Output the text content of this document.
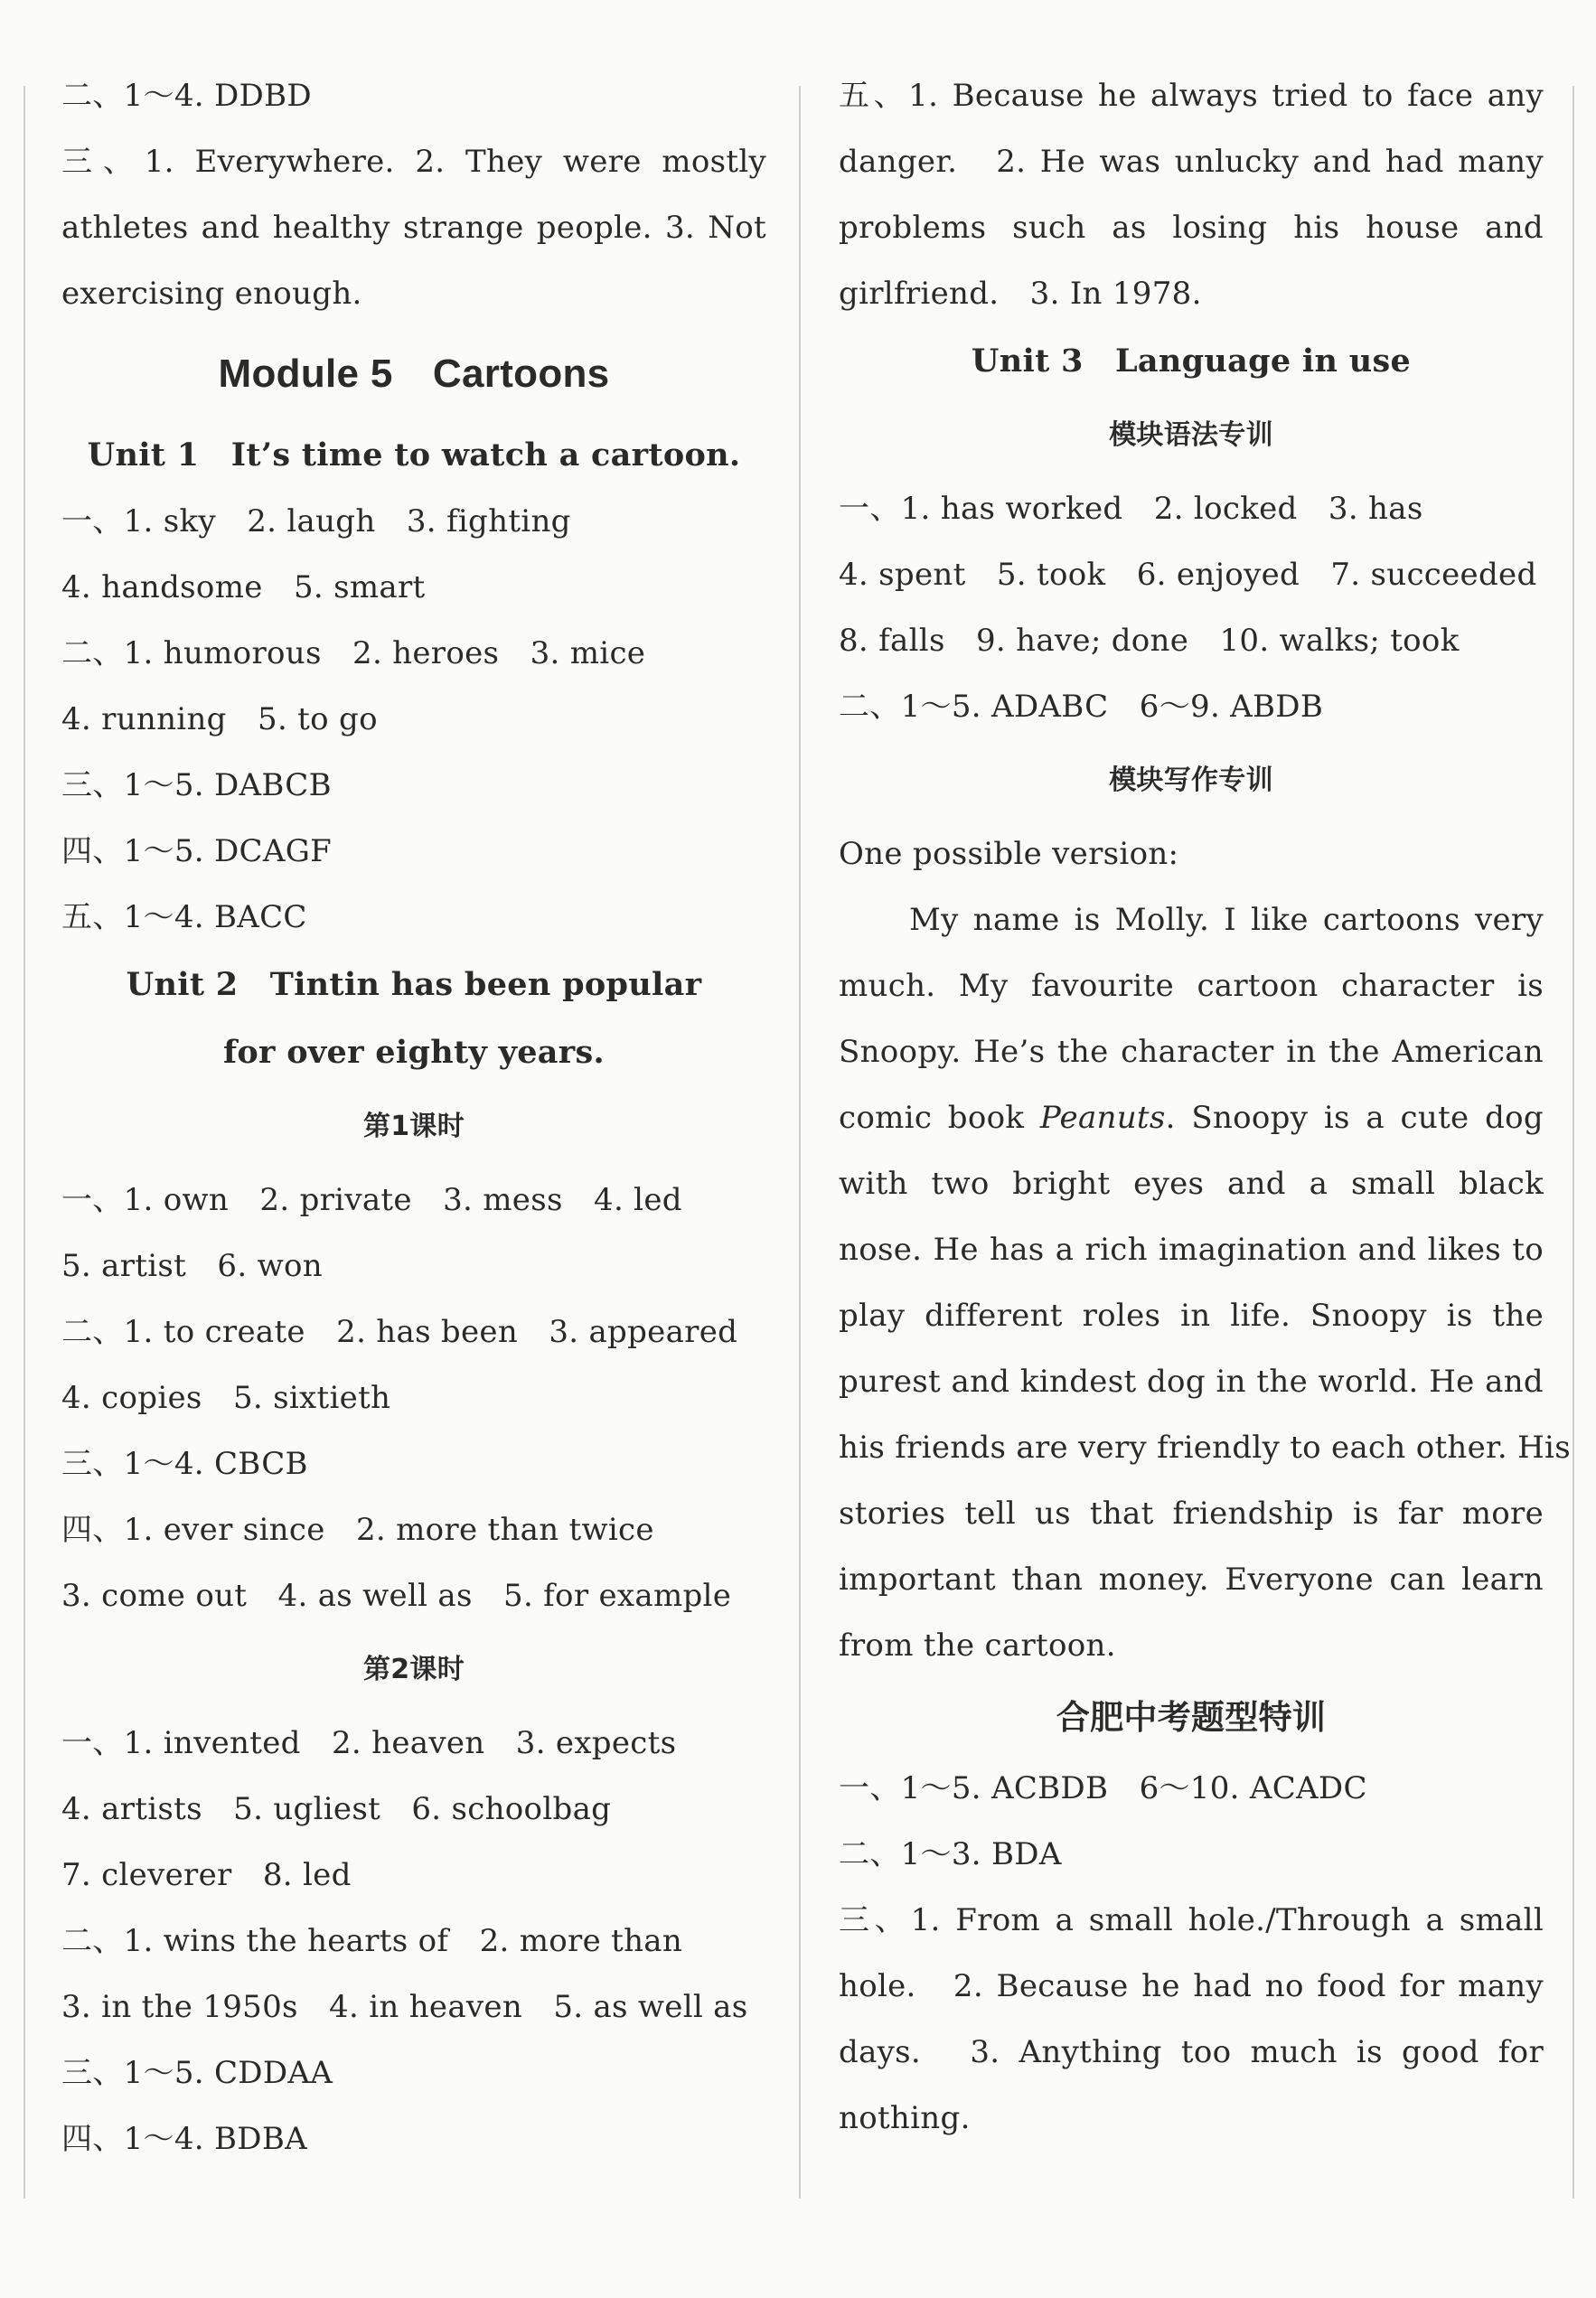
二、1～4. DDBD
三、1. Everywhere. 2. They were mostly
athletes and healthy strange people. 3. Not
exercising enough.
Module 5　Cartoons
Unit 1　It’s time to watch a cartoon.
一、1. sky　2. laugh　3. fighting
4. handsome　5. smart
二、1. humorous　2. heroes　3. mice
4. running　5. to go
三、1～5. DABCB
四、1～5. DCAGF
五、1～4. BACC
Unit 2　Tintin has been popular
for over eighty years.
第1课时
一、1. own　2. private　3. mess　4. led
5. artist　6. won
二、1. to create　2. has been　3. appeared
4. copies　5. sixtieth
三、1～4. CBCB
四、1. ever since　2. more than twice
3. come out　4. as well as　5. for example
第2课时
一、1. invented　2. heaven　3. expects
4. artists　5. ugliest　6. schoolbag
7. cleverer　8. led
二、1. wins the hearts of　2. more than
3. in the 1950s　4. in heaven　5. as well as
三、1～5. CDDAA
四、1～4. BDBA
五、1. Because he always tried to face any
danger.　2. He was unlucky and had many
problems such as losing his house and
girlfriend.　3. In 1978.
Unit 3　Language in use
模块语法专训
一、1. has worked　2. locked　3. has
4. spent　5. took　6. enjoyed　7. succeeded
8. falls　9. have; done　10. walks; took
二、1～5. ADABC　6～9. ABDB
模块写作专训
One possible version:
My name is Molly. I like cartoons very
much. My favourite cartoon character is
Snoopy. He’s the character in the American
comic book Peanuts. Snoopy is a cute dog
with two bright eyes and a small black
nose. He has a rich imagination and likes to
play different roles in life. Snoopy is the
purest and kindest dog in the world. He and
his friends are very friendly to each other. His
stories tell us that friendship is far more
important than money. Everyone can learn
from the cartoon.
合肥中考题型特训
一、1～5. ACBDB　6～10. ACADC
二、1～3. BDA
三、1. From a small hole./Through a small
hole.　2. Because he had no food for many
days.　3. Anything too much is good for
nothing.
